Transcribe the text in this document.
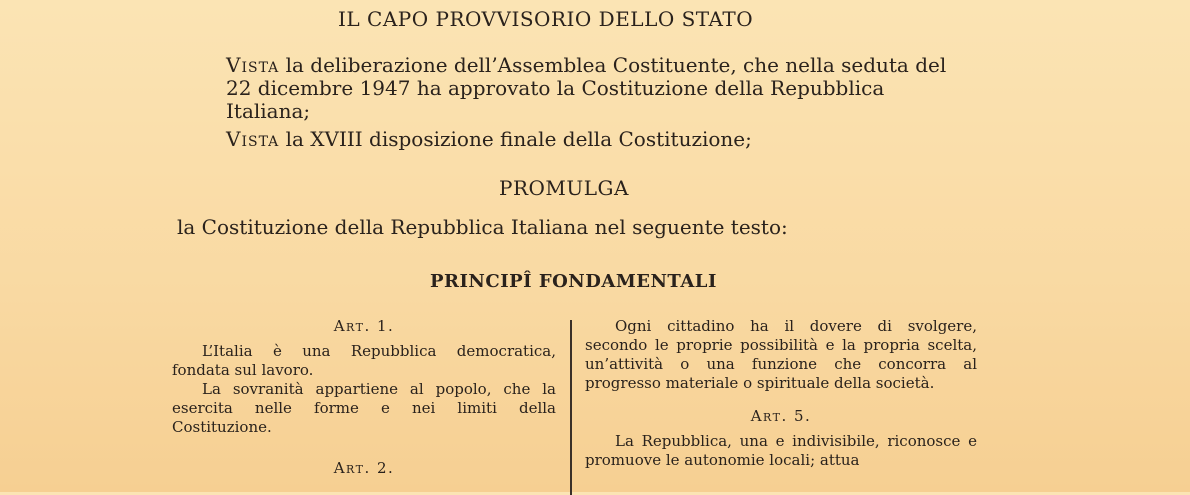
IL CAPO PROVVISORIO DELLO STATO
Vista la deliberazione dell’Assemblea Costituente, che nella seduta del 22 dicembre 1947 ha approvato la Costituzione della Repubblica Italiana;
Vista la XVIII disposizione finale della Costituzione;
PROMULGA
la Costituzione della Repubblica Italiana nel seguente testo:
PRINCIPÎ FONDAMENTALI
Art. 1.

L’Italia è una Repubblica democratica, fondata sul lavoro.

La sovranità appartiene al popolo, che la esercita nelle forme e nei limiti della Costituzione.

Art. 2.

Ogni cittadino ha il dovere di svolgere, secondo le proprie possibilità e la propria scelta, un’attività o una funzione che concorra al progresso materiale o spirituale della società.

Art. 5.

La Repubblica, una e indivisibile, riconosce e promuove le autonomie locali; attua
